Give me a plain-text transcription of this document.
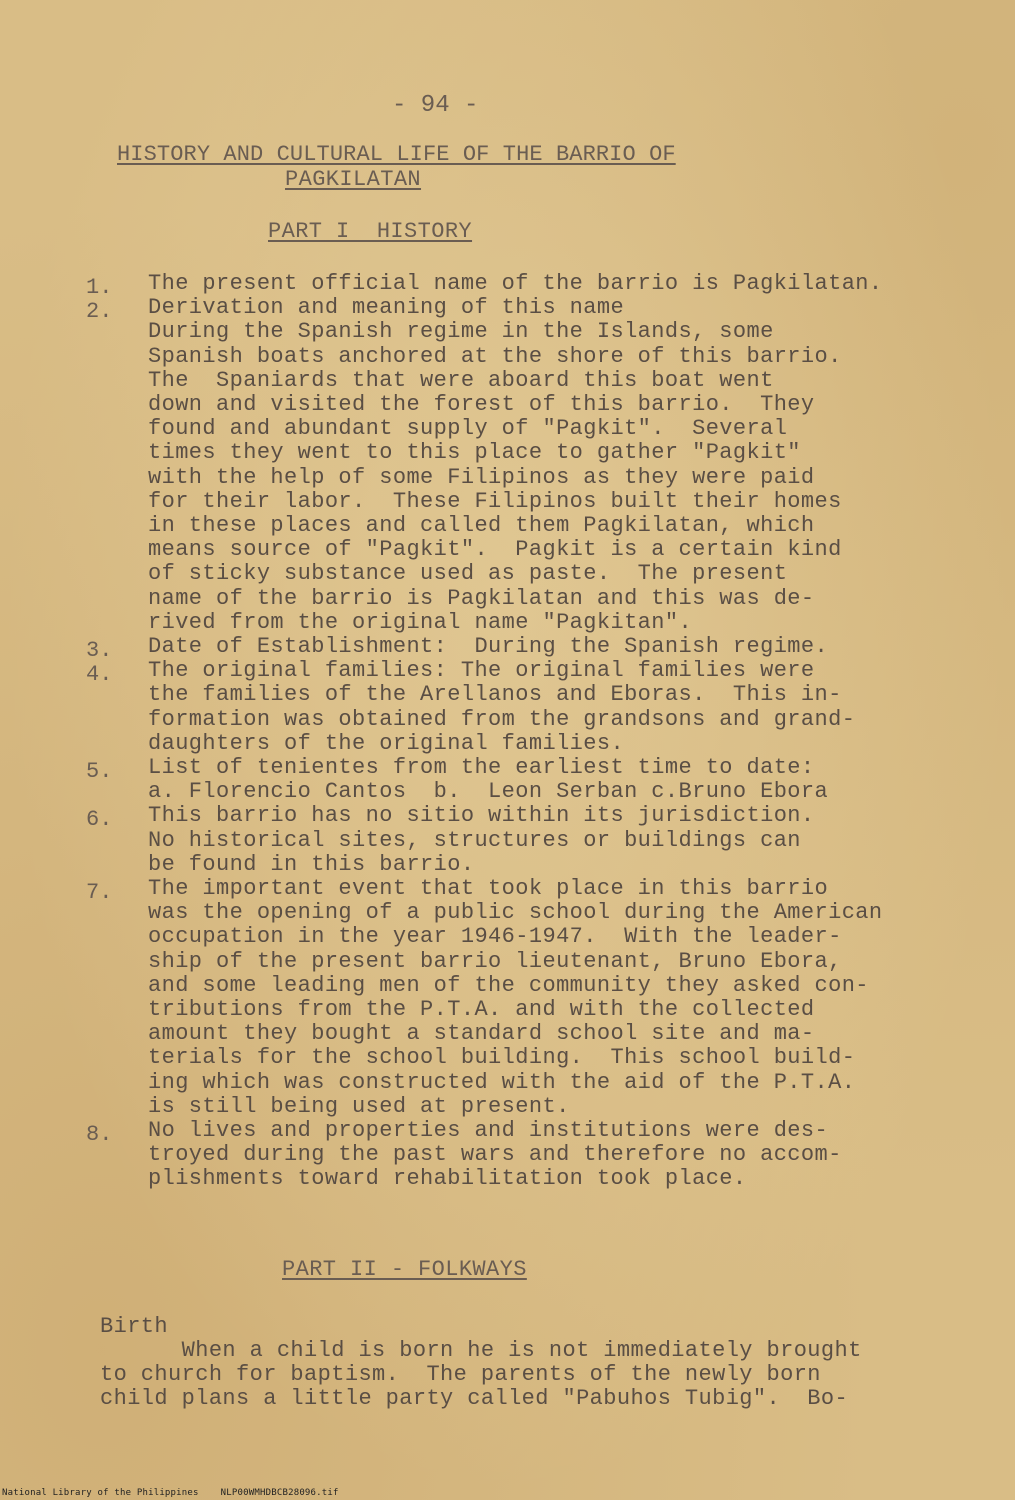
- 94 -
HISTORY AND CULTURAL LIFE OF THE BARRIO OF
PAGKILATAN
PART I  HISTORY
1. The present official name of the barrio is Pagkilatan.
2. Derivation and meaning of this name
During the Spanish regime in the Islands, some
Spanish boats anchored at the shore of this barrio.
The  Spaniards that were aboard this boat went
down and visited the forest of this barrio.  They
found and abundant supply of "Pagkit".  Several
times they went to this place to gather "Pagkit"
with the help of some Filipinos as they were paid
for their labor.  These Filipinos built their homes
in these places and called them Pagkilatan, which
means source of "Pagkit".  Pagkit is a certain kind
of sticky substance used as paste.  The present
name of the barrio is Pagkilatan and this was de-
rived from the original name "Pagkitan".
3. Date of Establishment:  During the Spanish regime.
4. The original families: The original families were
the families of the Arellanos and Eboras.  This in-
formation was obtained from the grandsons and grand-
daughters of the original families.
5. List of tenientes from the earliest time to date:
a. Florencio Cantos  b.  Leon Serban c.Bruno Ebora
6. This barrio has no sitio within its jurisdiction.
No historical sites, structures or buildings can
be found in this barrio.
7. The important event that took place in this barrio
was the opening of a public school during the American
occupation in the year 1946-1947.  With the leader-
ship of the present barrio lieutenant, Bruno Ebora,
and some leading men of the community they asked con-
tributions from the P.T.A. and with the collected
amount they bought a standard school site and ma-
terials for the school building.  This school build-
ing which was constructed with the aid of the P.T.A.
is still being used at present.
8. No lives and properties and institutions were des-
troyed during the past wars and therefore no accom-
plishments toward rehabilitation took place.
PART II - FOLKWAYS
Birth
When a child is born he is not immediately brought
to church for baptism.  The parents of the newly born
child plans a little party called "Pabuhos Tubig".  Bo-
National Library of the Philippines NLP00WMHDBCB28096.tif
